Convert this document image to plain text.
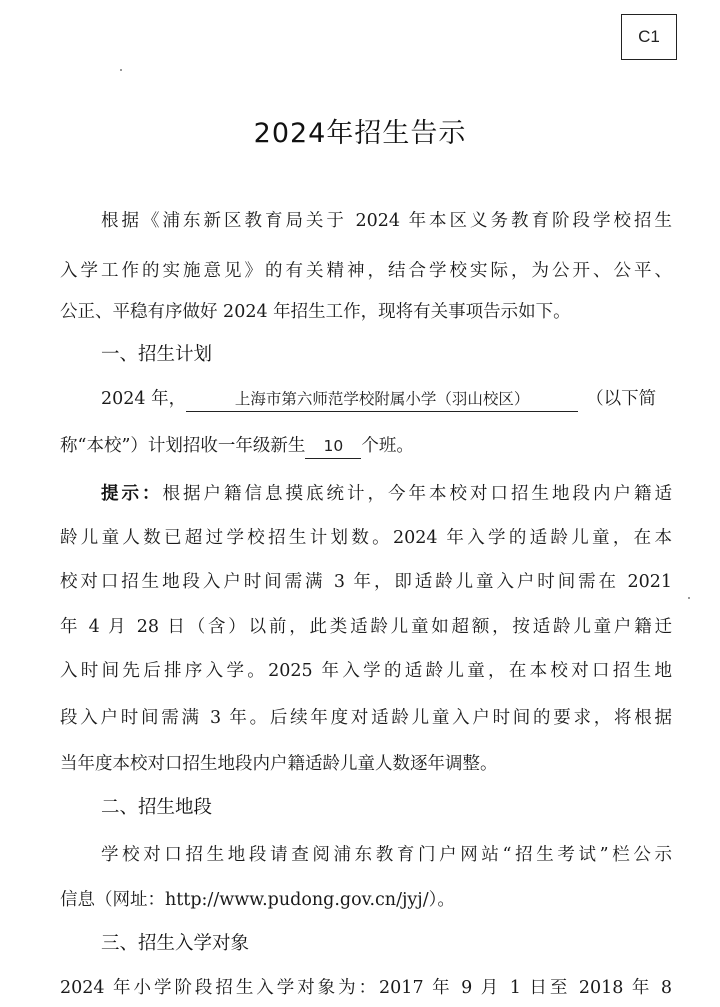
C1
2024年招生告示
根据《浦东新区教育局关于 2024 年本区义务教育阶段学校招生
入学工作的实施意见》的有关精神，结合学校实际，为公开、公平、
公正、平稳有序做好 2024 年招生工作，现将有关事项告示如下。
一、招生计划
2024 年，	上海市第六师范学校附属小学（羽山校区）	（以下简
称“本校”）计划招收一年级新生 10 个班。
提示：根据户籍信息摸底统计，今年本校对口招生地段内户籍适
龄儿童人数已超过学校招生计划数。2024 年入学的适龄儿童，在本
校对口招生地段入户时间需满 3 年，即适龄儿童入户时间需在 2021
年 4 月 28 日（含）以前，此类适龄儿童如超额，按适龄儿童户籍迁
入时间先后排序入学。2025 年入学的适龄儿童，在本校对口招生地
段入户时间需满 3 年。后续年度对适龄儿童入户时间的要求，将根据
当年度本校对口招生地段内户籍适龄儿童人数逐年调整。
二、招生地段
学校对口招生地段请查阅浦东教育门户网站“招生考试”栏公示
信息（网址：http://www.pudong.gov.cn/jyj/）。
三、招生入学对象
2024 年小学阶段招生入学对象为：2017 年 9 月 1 日至 2018 年 8
